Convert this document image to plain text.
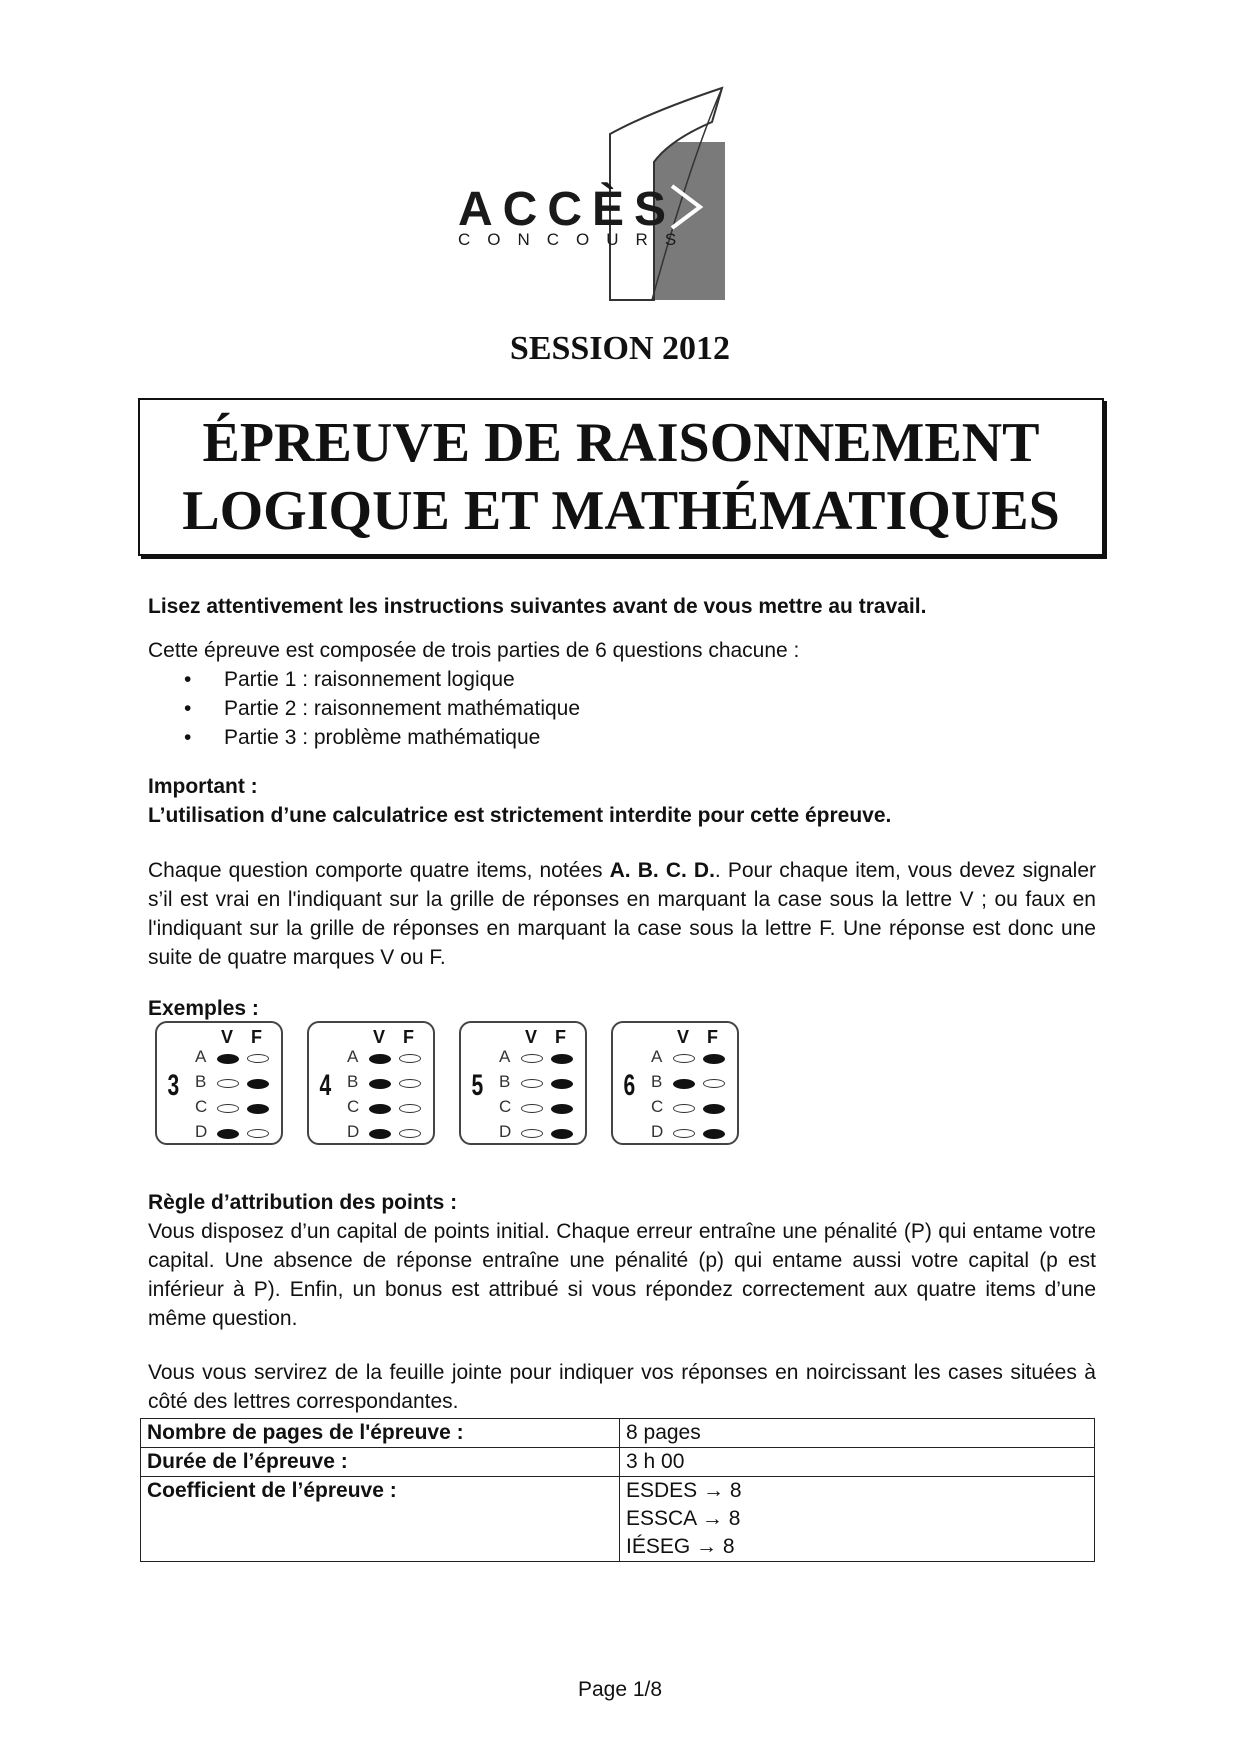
ACCÈS
CONCOURS
SESSION 2012
ÉPREUVE DE RAISONNEMENT
LOGIQUE ET MATHÉMATIQUES

Lisez attentivement les instructions suivantes avant de vous mettre au travail.

Cette épreuve est composée de trois parties de 6 questions chacune :

• Partie 1 : raisonnement logique
• Partie 2 : raisonnement mathématique
• Partie 3 : problème mathématique

Important :

L’utilisation d’une calculatrice est strictement interdite pour cette épreuve.

Chaque question comporte quatre items, notées A. B. C. D.. Pour chaque item, vous devez signaler s’il est vrai en l'indiquant sur la grille de réponses en marquant la case sous la lettre V ; ou faux en l'indiquant sur la grille de réponses en marquant la case sous la lettre F. Une réponse est donc une suite de quatre marques V ou F.

Exemples :

3
V F
A
B
C
D
4
V F
A
B
C
D
5
V F
A
B
C
D
6
V F
A
B
C
D

Règle d’attribution des points :

Vous disposez d’un capital de points initial. Chaque erreur entraîne une pénalité (P) qui entame votre capital. Une absence de réponse entraîne une pénalité (p) qui entame aussi votre capital (p est inférieur à P). Enfin, un bonus est attribué si vous répondez correctement aux quatre items d’une même question.

Vous vous servirez de la feuille jointe pour indiquer vos réponses en noircissant les cases situées à côté des lettres correspondantes.

Nombre de pages de l'épreuve :	8 pages
Durée de l’épreuve :	3 h 00
Coefficient de l’épreuve :	ESDES → 8
ESSCA → 8
IÉSEG → 8
Page 1/8
